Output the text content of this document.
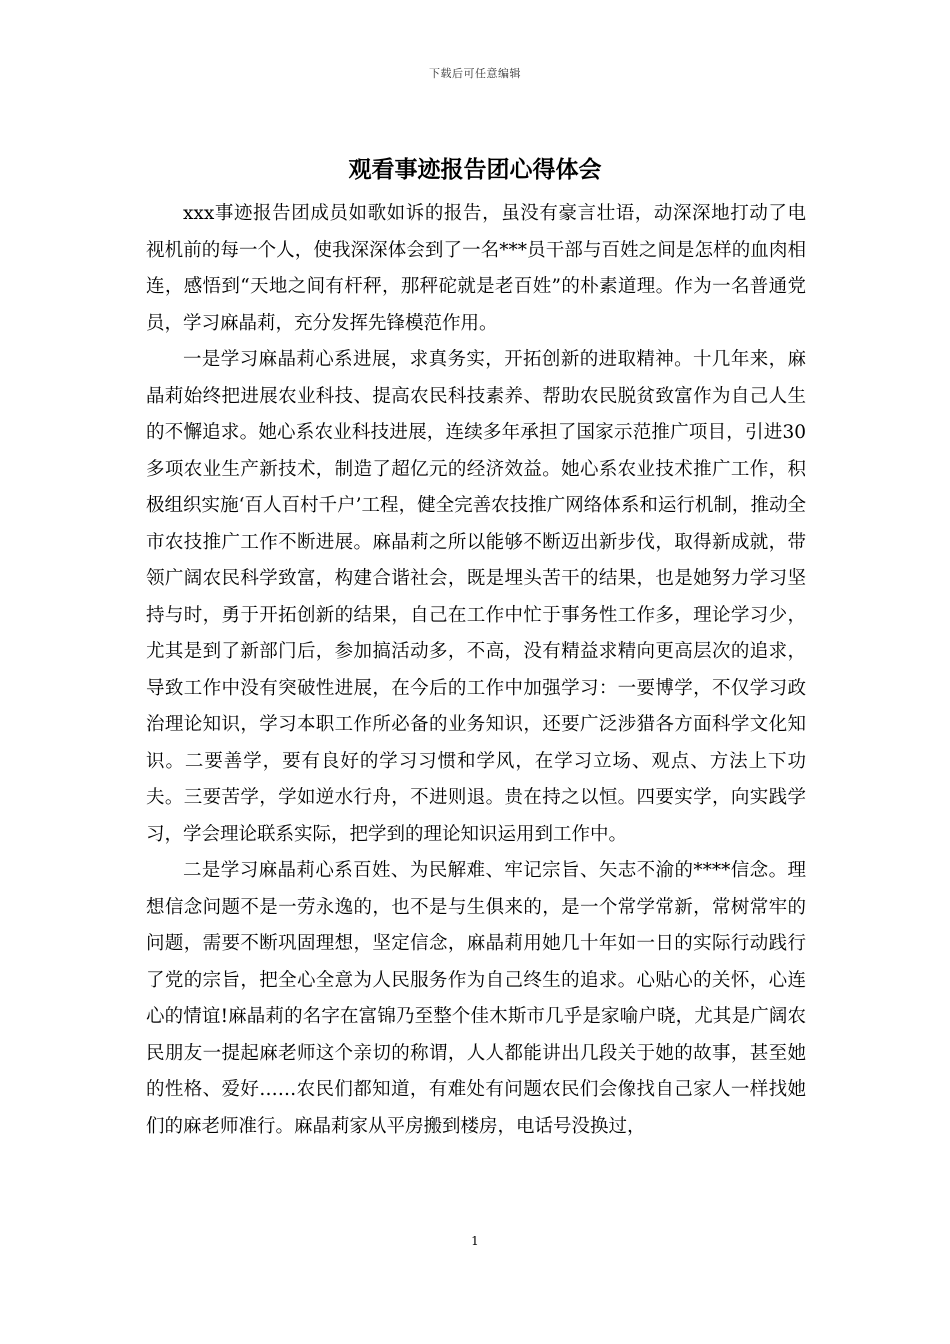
下载后可任意编辑
观看事迹报告团心得体会

xxx事迹报告团成员如歌如诉的报告，虽没有豪言壮语，动深深地打动了电视机前的每一个人，使我深深体会到了一名***员干部与百姓之间是怎样的血肉相连，感悟到“天地之间有杆秤，那秤砣就是老百姓”的朴素道理。作为一名普通党员，学习麻晶莉，充分发挥先锋模范作用。

一是学习麻晶莉心系进展，求真务实，开拓创新的进取精神。十几年来，麻晶莉始终把进展农业科技、提高农民科技素养、帮助农民脱贫致富作为自己人生的不懈追求。她心系农业科技进展，连续多年承担了国家示范推广项目，引进30多项农业生产新技术，制造了超亿元的经济效益。她心系农业技术推广工作，积极组织实施‘百人百村千户’工程，健全完善农技推广网络体系和运行机制，推动全市农技推广工作不断进展。麻晶莉之所以能够不断迈出新步伐，取得新成就，带领广阔农民科学致富，构建合谐社会，既是埋头苦干的结果，也是她努力学习坚持与时，勇于开拓创新的结果，自己在工作中忙于事务性工作多，理论学习少，尤其是到了新部门后，参加搞活动多，不高，没有精益求精向更高层次的追求，导致工作中没有突破性进展，在今后的工作中加强学习：一要博学，不仅学习政治理论知识，学习本职工作所必备的业务知识，还要广泛涉猎各方面科学文化知识。二要善学，要有良好的学习习惯和学风，在学习立场、观点、方法上下功夫。三要苦学，学如逆水行舟，不进则退。贵在持之以恒。四要实学，向实践学习，学会理论联系实际，把学到的理论知识运用到工作中。

二是学习麻晶莉心系百姓、为民解难、牢记宗旨、矢志不渝的****信念。理想信念问题不是一劳永逸的，也不是与生俱来的，是一个常学常新，常树常牢的问题，需要不断巩固理想，坚定信念，麻晶莉用她几十年如一日的实际行动践行了党的宗旨，把全心全意为人民服务作为自己终生的追求。心贴心的关怀，心连心的情谊!麻晶莉的名字在富锦乃至整个佳木斯市几乎是家喻户晓，尤其是广阔农民朋友一提起麻老师这个亲切的称谓，人人都能讲出几段关于她的故事，甚至她的性格、爱好……农民们都知道，有难处有问题农民们会像找自己家人一样找她们的麻老师准行。麻晶莉家从平房搬到楼房，电话号没换过，

1
